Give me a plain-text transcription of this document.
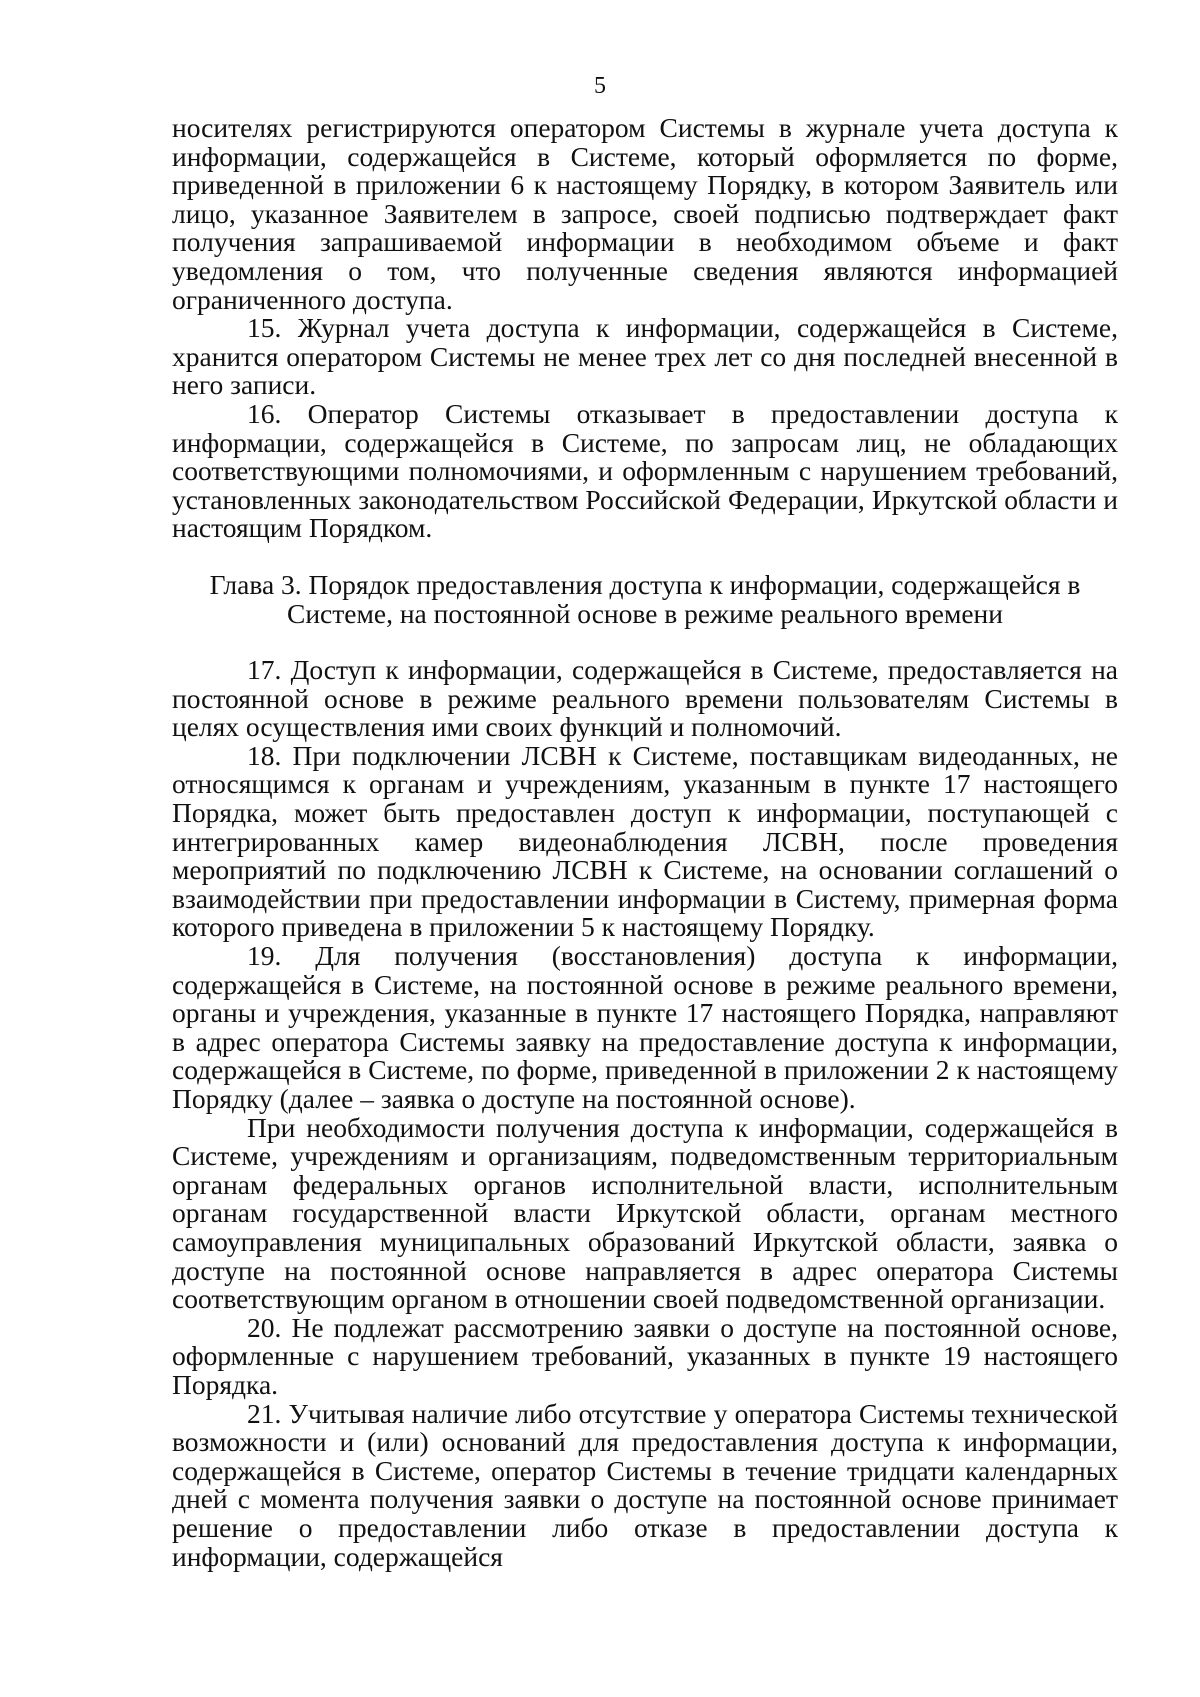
5

носителях регистрируются оператором Системы в журнале учета доступа к информации, содержащейся в Системе, который оформляется по форме, приведенной в приложении 6 к настоящему Порядку, в котором Заявитель или лицо, указанное Заявителем в запросе, своей подписью подтверждает факт получения запрашиваемой информации в необходимом объеме и факт уведомления о том, что полученные сведения являются информацией ограниченного доступа.

15. Журнал учета доступа к информации, содержащейся в Системе, хранится оператором Системы не менее трех лет со дня последней внесенной в него записи.

16. Оператор Системы отказывает в предоставлении доступа к информации, содержащейся в Системе, по запросам лиц, не обладающих соответствующими полномочиями, и оформленным с нарушением требований, установленных законодательством Российской Федерации, Иркутской области и настоящим Порядком.

Глава 3. Порядок предоставления доступа к информации, содержащейся в Системе, на постоянной основе в режиме реального времени

17. Доступ к информации, содержащейся в Системе, предоставляется на постоянной основе в режиме реального времени пользователям Системы в целях осуществления ими своих функций и полномочий.

18. При подключении ЛСВН к Системе, поставщикам видеоданных, не относящимся к органам и учреждениям, указанным в пункте 17 настоящего Порядка, может быть предоставлен доступ к информации, поступающей с интегрированных камер видеонаблюдения ЛСВН, после проведения мероприятий по подключению ЛСВН к Системе, на основании соглашений о взаимодействии при предоставлении информации в Систему, примерная форма которого приведена в приложении 5 к настоящему Порядку.

19. Для получения (восстановления) доступа к информации, содержащейся в Системе, на постоянной основе в режиме реального времени, органы и учреждения, указанные в пункте 17 настоящего Порядка, направляют в адрес оператора Системы заявку на предоставление доступа к информации, содержащейся в Системе, по форме, приведенной в приложении 2 к настоящему Порядку (далее – заявка о доступе на постоянной основе).

При необходимости получения доступа к информации, содержащейся в Системе, учреждениям и организациям, подведомственным территориальным органам федеральных органов исполнительной власти, исполнительным органам государственной власти Иркутской области, органам местного самоуправления муниципальных образований Иркутской области, заявка о доступе на постоянной основе направляется в адрес оператора Системы соответствующим органом в отношении своей подведомственной организации.

20. Не подлежат рассмотрению заявки о доступе на постоянной основе, оформленные с нарушением требований, указанных в пункте 19 настоящего Порядка.

21. Учитывая наличие либо отсутствие у оператора Системы технической возможности и (или) оснований для предоставления доступа к информации, содержащейся в Системе, оператор Системы в течение тридцати календарных дней с момента получения заявки о доступе на постоянной основе принимает решение о предоставлении либо отказе в предоставлении доступа к информации, содержащейся
